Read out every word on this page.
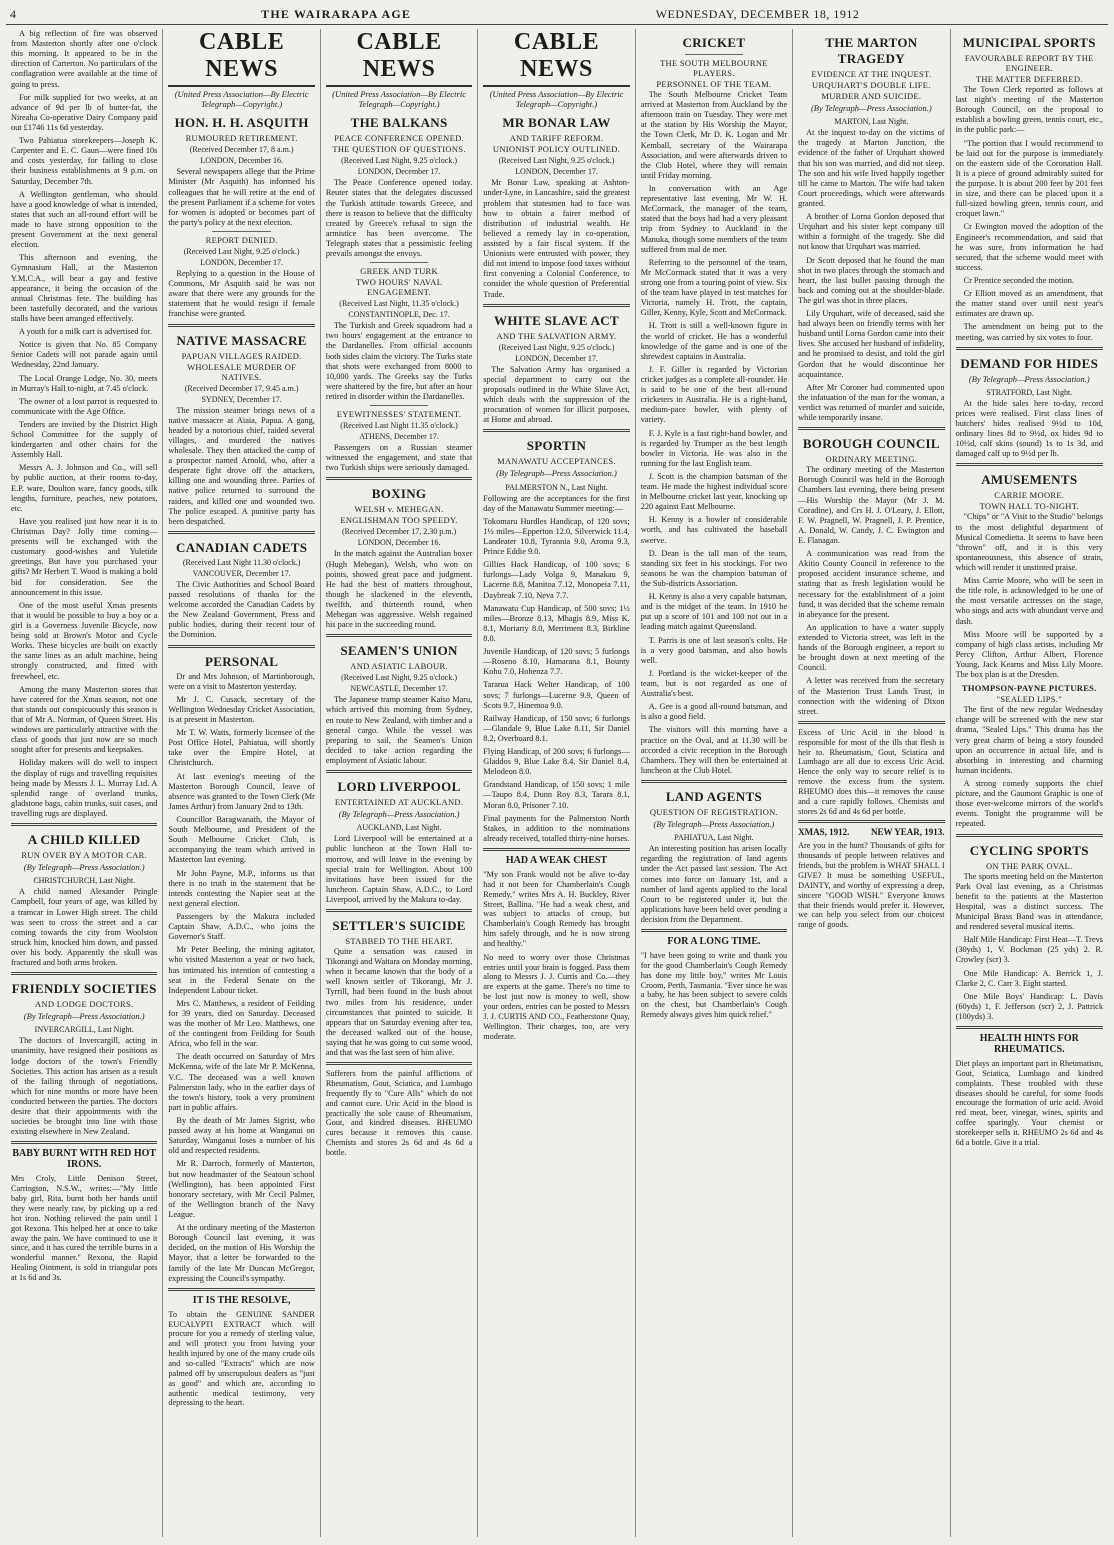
4	THE WAIRARAPA AGE	WEDNESDAY, DECEMBER 18, 1912

A big reflection of fire was observed from Masterton shortly after one o'clock this morning. It appeared to be in the direction of Carterton. No particulars of the conflagration were available at the time of going to press.

For milk supplied for two weeks, at an advance of 9d per lb of butter-fat, the Nireaha Co-operative Dairy Company paid out £1746 11s 6d yesterday.

Two Pahiatua storekeepers—Joseph K. Carpenter and E. C. Gaun—were fined 10s and costs yesterday, for failing to close their business establishments at 9 p.m. on Saturday, December 7th.

A Wellington gentleman, who should have a good knowledge of what is intended, states that such an all-round effort will be made to have strong opposition to the present Government at the next general election.

This afternoon and evening, the Gymnasium Hall, at the Masterton Y.M.C.A., will bear a gay and festive appearance, it being the occasion of the annual Christmas fete. The building has been tastefully decorated, and the various stalls have been arranged effectively.

A youth for a milk cart is advertised for.

Notice is given that No. 85 Company Senior Cadets will not parade again until Wednesday, 22nd January.

The Local Orange Lodge, No. 30, meets in Murray's Hall to-night, at 7.45 o'clock.

The owner of a lost parrot is requested to communicate with the Age Office.

Tenders are invited by the District High School Committee for the supply of kindergarten and other chairs for the Assembly Hall.

Messrs A. J. Johnson and Co., will sell by public auction, at their rooms to-day, E.P. ware, Doulton ware, fancy goods, silk lengths, furniture, peaches, new potatoes, etc.

Have you realised just how near it is to Christmas Day? Jolly time coming—presents will be exchanged with the customary good-wishes and Yuletide greetings. But have you purchased your gifts? Mr Herbert T. Wood is making a bold bid for consideration. See the announcement in this issue.

One of the most useful Xmas presents that it would be possible to buy a boy or a girl is a Governess Juvenile Bicycle, now being sold at Brown's Motor and Cycle Works. These bicycles are built on exactly the same lines as an adult machine, being strongly constructed, and fitted with freewheel, etc.

Among the many Masterton stores that have catered for the Xmas season, not one that stands out conspicuously this season is that of Mr A. Norman, of Queen Street. His windows are particularly attractive with the class of goods that just now are so much sought after for presents and keepsakes.

Holiday makers will do well to inspect the display of rugs and travelling requisites being made by Messrs J. L. Murray Ltd. A splendid range of overland trunks, gladstone bags, cabin trunks, suit cases, and travelling rugs are displayed.

A CHILD KILLED
RUN OVER BY A MOTOR CAR.
(By Telegraph—Press Association.)
CHRISTCHURCH, Last Night.

A child named Alexander Pringle Campbell, four years of age, was killed by a tramcar in Lower High street. The child was seen to cross the street and a car coming towards the city from Woolston struck him, knocked him down, and passed over his body. Apparently the skull was fractured and both arms broken.

FRIENDLY SOCIETIES
AND LODGE DOCTORS.
(By Telegraph—Press Association.)
INVERCARGILL, Last Night.

The doctors of Invercargill, acting in unanimity, have resigned their positions as lodge doctors of the town's Friendly Societies. This action has arisen as a result of the failing through of negotiations, which for nine months or more have been conducted between the parties. The doctors desire that their appointments with the societies be brought into line with those existing elsewhere in New Zealand.

BABY BURNT WITH RED HOT IRONS.
Mrs Croly, Little Denison Street, Carrington, N.S.W., writes:—"My little baby girl, Rita, burnt both her hands until they were nearly raw, by picking up a red hot iron. Nothing relieved the pain until I got Rexona. This helped her at once to take away the pain. We have continued to use it since, and it has cured the terrible burns in a wonderful manner." Rexona, the Rapid Healing Ointment, is sold in triangular pots at 1s 6d and 3s.
CABLE NEWS
(United Press Association—By Electric Telegraph—Copyright.)
HON. H. H. ASQUITH
RUMOURED RETIREMENT.
(Received December 17, 8 a.m.)
LONDON, December 16.

Several newspapers allege that the Prime Minister (Mr Asquith) has informed his colleagues that he will retire at the end of the present Parliament if a scheme for votes for women is adopted or becomes part of the party's policy at the next election.

REPORT DENIED.
(Received Last Night, 9.25 o'clock.)
LONDON, December 17.

Replying to a question in the House of Commons, Mr Asquith said he was not aware that there were any grounds for the statement that he would resign if female franchise were granted.

NATIVE MASSACRE
PAPUAN VILLAGES RAIDED.
WHOLESALE MURDER OF NATIVES.
(Received December 17, 9.45 a.m.)
SYDNEY, December 17.

The mission steamer brings news of a native massacre at Aiaia, Papua. A gang, headed by a notorious chief, raided several villages, and murdered the natives wholesale. They then attacked the camp of a prospector named Arnold, who, after a desperate fight drove off the attackers, killing one and wounding three. Parties of native police returned to surround the raiders, and killed one and wounded two. The police escaped. A punitive party has been despatched.

CANADIAN CADETS
(Received Last Night 11.30 o'clock.)
VANCOUVER, December 17.

The Civic Authorities and School Board passed resolutions of thanks for the welcome accorded the Canadian Cadets by the New Zealand Government, Press and public bodies, during their recent tour of the Dominion.

PERSONAL

Dr and Mrs Johnson, of Martinborough, were on a visit to Masterton yesterday.

Mr J. C. Cusack, secretary of the Wellington Wednesday Cricket Association, is at present in Masterton.

Mr T. W. Watts, formerly licensee of the Post Office Hotel, Pahiatua, will shortly take over the Empire Hotel, at Christchurch.

At last evening's meeting of the Masterton Borough Council, leave of absence was granted to the Town Clerk (Mr James Arthur) from January 2nd to 13th.

Councillor Baragwanath, the Mayor of South Melbourne, and President of the South Melbourne Cricket Club, is accompanying the team which arrived in Masterton last evening.

Mr John Payne, M.P., informs us that there is no truth in the statement that he intends contesting the Napier seat at the next general election.

Passengers by the Makura included Captain Shaw, A.D.C., who joins the Governor's Staff.

Mr Peter Beeling, the mining agitator, who visited Masterton a year or two back, has intimated his intention of contesting a seat in the Federal Senate on the Independent Labour ticket.

Mrs C. Matthews, a resident of Feilding for 39 years, died on Saturday. Deceased was the mother of Mr Leo. Matthews, one of the contingent from Feilding for South Africa, who fell in the war.

The death occurred on Saturday of Mrs McKenna, wife of the late Mr P. McKenna, V.C. The deceased was a well known Palmerston lady, who in the earlier days of the town's history, took a very prominent part in public affairs.

By the death of Mr James Sigrist, who passed away at his home at Wanganui on Saturday, Wanganui loses a number of his old and respected residents.

Mr R. Darroch, formerly of Masterton, but now headmaster of the Seatoun school (Wellington), has been appointed First honorary secretary, with Mr Cecil Palmer, of the Wellington branch of the Navy League.

At the ordinary meeting of the Masterton Borough Council last evening, it was decided, on the motion of His Worship the Mayor, that a letter be forwarded to the family of the late Mr Duncan McGregor, expressing the Council's sympathy.

IT IS THE RESOLVE,
To obtain the GENUINE SANDER EUCALYPTI EXTRACT which will procure for you a remedy of sterling value, and will protect you from having your health injured by one of the many crude oils and so-called "Extracts" which are now palmed off by unscrupulous dealers as "just as good" and which are, according to authentic medical testimony, very depressing to the heart.
CABLE NEWS
(United Press Association—By Electric Telegraph—Copyright.)
THE BALKANS
PEACE CONFERENCE OPENED.
THE QUESTION OF QUESTIONS.
(Received Last Night, 9.25 o'clock.)
LONDON, December 17.

The Peace Conference opened today. Reuter states that the delegates discussed the Turkish attitude towards Greece, and there is reason to believe that the difficulty created by Greece's refusal to sign the armistice has been overcome. The Telegraph states that a pessimistic feeling prevails amongst the envoys.

GREEK AND TURK
TWO HOURS' NAVAL ENGAGEMENT.
(Received Last Night, 11.35 o'clock.)
CONSTANTINOPLE, Dec. 17.

The Turkish and Greek squadrons had a two hours' engagement at the entrance to the Dardanelles. From official accounts both sides claim the victory. The Turks state that shots were exchanged from 8000 to 10,000 yards. The Greeks say the Turks were shattered by the fire, but after an hour retired in disorder within the Dardanelles.

EYEWITNESSES' STATEMENT.
(Received Last Night 11.35 o'clock.)
ATHENS, December 17.

Passengers on a Russian steamer witnessed the engagement, and state that two Turkish ships were seriously damaged.

BOXING
WELSH v. MEHEGAN.
ENGLISHMAN TOO SPEEDY.
(Received December 17, 2.30 p.m.)
LONDON, December 16.

In the match against the Australian boxer (Hugh Mehegan), Welsh, who won on points, showed great pace and judgment. He had the best of matters throughout, though he slackened in the eleventh, twelfth, and thirteenth round, when Mehegan was aggressive. Welsh regained his pace in the succeeding round.

SEAMEN'S UNION
AND ASIATIC LABOUR.
(Received Last Night, 9.25 o'clock.)
NEWCASTLE, December 17.

The Japanese tramp steamer Kaiso Maru, which arrived this morning from Sydney, en route to New Zealand, with timber and a general cargo. While the vessel was preparing to sail, the Seamen's Union decided to take action regarding the employment of Asiatic labour.

LORD LIVERPOOL
ENTERTAINED AT AUCKLAND.
(By Telegraph—Press Association.)
AUCKLAND, Last Night.

Lord Liverpool will be entertained at a public luncheon at the Town Hall to-morrow, and will leave in the evening by special train for Wellington. About 100 invitations have been issued for the luncheon. Captain Shaw, A.D.C., to Lord Liverpool, arrived by the Makura to-day.

SETTLER'S SUICIDE
STABBED TO THE HEART.

Quite a sensation was caused in Tikorangi and Waitara on Monday morning, when it became known that the body of a well known settler of Tikorangi, Mr J. Tyrrill, had been found in the bush about two miles from his residence, under circumstances that pointed to suicide. It appears that on Saturday evening after tea, the deceased walked out of the house, saying that he was going to cut some wood, and that was the last seen of him alive.

Sufferers from the painful afflictions of Rheumatism, Gout, Sciatica, and Lumbago frequently fly to "Cure Alls" which do not and cannot cure. Uric Acid in the blood is practically the sole cause of Rheumatism, Gout, and kindred diseases. RHEUMO cures because it removes this cause. Chemists and stores 2s 6d and 4s 6d a bottle.
CABLE NEWS
(United Press Association—By Electric Telegraph—Copyright.)
MR BONAR LAW
AND TARIFF REFORM.
UNIONIST POLICY OUTLINED.
(Received Last Night, 9.25 o'clock.)
LONDON, December 17.

Mr Bonar Law, speaking at Ashton-under-Lyne, in Lancashire, said the greatest problem that statesmen had to face was how to obtain a fairer method of distribution of industrial wealth. He believed a remedy lay in co-operation, assisted by a fair fiscal system. If the Unionists were entrusted with power, they did not intend to impose food taxes without first convening a Colonial Conference, to consider the whole question of Preferential Trade.

WHITE SLAVE ACT
AND THE SALVATION ARMY.
(Received Last Night, 9.25 o'clock.)
LONDON, December 17.

The Salvation Army has organised a special department to carry out the proposals outlined in the White Slave Act, which deals with the suppression of the procuration of women for illicit purposes, at Home and abroad.

SPORTIN
MANAWATU ACCEPTANCES.
(By Telegraph—Press Association.)
PALMERSTON N., Last Night.

Following are the acceptances for the first day of the Manawatu Summer meeting:—

Tokomaru Hurdles Handicap, of 120 sovs; 1½ miles—Epperton 12.0, Silverwick 11.4, Landeater 10.8, Tyrannia 9.0, Aroma 9.3, Prince Eddie 9.0.

Gillies Hack Handicap, of 100 sovs; 6 furlongs—Lady Volga 9, Manakau 9, Lacerne 8.8, Manitoa 7.12, Monopeia 7.11, Daybreak 7.10, Neva 7.7.

Manawatu Cup Handicap, of 500 sovs; 1½ miles—Bronze 8.13, Mhagis 8.9, Miss K. 8.1, Moriarty 8.0, Merriment 8.3, Birkline 8.0.

Juvenile Handicap, of 120 sovs; 5 furlongs—Roseno 8.10, Hamarana 8.1, Bounty Kohu 7.0, Hohenza 7.7.

Tararua Hack Welter Handicap, of 100 sovs; 7 furlongs—Lucerne 9.9, Queen of Scots 9.7, Hinemoa 9.0.

Railway Handicap, of 150 sovs; 6 furlongs—Glandale 9, Blue Lake 8.11, Sir Daniel 8.2, Overboard 8.1.

Flying Handicap, of 200 sovs; 6 furlongs—Gladdos 9, Blue Lake 8.4, Sir Daniel 8.4, Melodeon 8.0.

Grandstand Handicap, of 150 sovs; 1 mile—Taupo 8.4, Dunn Roy 8.3, Tarara 8.1, Moran 8.0, Prisoner 7.10.

Final payments for the Palmerston North Stakes, in addition to the nominations already received, totalled thirty-nine horses.

HAD A WEAK CHEST
"My son Frank would not be alive to-day had it not been for Chamberlain's Cough Remedy," writes Mrs A. H. Buckley, River Street, Ballina. "He had a weak chest, and was subject to attacks of croup, but Chamberlain's Cough Remedy has brought him safely through, and he is now strong and healthy."
No need to worry over those Christmas entries until your brain is fogged. Pass them along to Messrs J. J. Curtis and Co.—they are experts at the game. There's no time to be lost just now is money to well, show your orders, entries can be posted to Messrs J. J. CURTIS AND CO., Featherstone Quay, Wellington. Their charges, too, are very moderate.
CRICKET
THE SOUTH MELBOURNE PLAYERS.
PERSONNEL OF THE TEAM.

The South Melbourne Cricket Team arrived at Masterton from Auckland by the afternoon train on Tuesday. They were met at the station by His Worship the Mayor, the Town Clerk, Mr D. K. Logan and Mr Kemball, secretary of the Wairarapa Association, and were afterwards driven to the Club Hotel, where they will remain until Friday morning.

In conversation with an Age representative last evening, Mr W. H. McCormack, the manager of the team, stated that the boys had had a very pleasant trip from Sydney to Auckland in the Manuka, though some members of the team suffered from mal de mer.

Referring to the personnel of the team, Mr McCormack stated that it was a very strong one from a touring point of view. Six of the team have played in test matches for Victoria, namely H. Trott, the captain, Giller, Kenny, Kyle, Scott and McCormack.

H. Trott is still a well-known figure in the world of cricket. He has a wonderful knowledge of the game and is one of the shrewdest captains in Australia.

J. F. Giller is regarded by Victorian cricket judges as a complete all-rounder. He is said to be one of the best all-round cricketers in Australia. He is a right-hand, medium-pace bowler, with plenty of variety.

F. J. Kyle is a fast right-hand bowler, and is regarded by Trumper as the best length bowler in Victoria. He was also in the running for the last English team.

J. Scott is the champion batsman of the team. He made the highest individual score in Melbourne cricket last year, knocking up 220 against East Melbourne.

H. Kenny is a bowler of considerable worth, and has cultivated the baseball swerve.

D. Dean is the tall man of the team, standing six feet in his stockings. For two seasons he was the champion batsman of the Sub-districts Association.

H. Kenny is also a very capable batsman, and is the midget of the team. In 1910 he put up a score of 101 and 100 not out in a leading match against Queensland.

T. Parris is one of last season's colts. He is a very good batsman, and also bowls well.

J. Portland is the wicket-keeper of the team, but is not regarded as one of Australia's best.

A. Gee is a good all-round batsman, and is also a good field.

The visitors will this morning have a practice on the Oval, and at 11.30 will be accorded a civic reception in the Borough Chambers. They will then be entertained at luncheon at the Club Hotel.

LAND AGENTS
QUESTION OF REGISTRATION.
(By Telegraph—Press Association.)
PAHIATUA, Last Night.

An interesting position has arisen locally regarding the registration of land agents under the Act passed last session. The Act comes into force on January 1st, and a number of land agents applied to the local Court to be registered under it, but the applications have been held over pending a decision from the Department.

FOR A LONG TIME.
"I have been going to write and thank you for the good Chamberlain's Cough Remedy has done my little boy," writes Mr Louis Croom, Perth, Tasmania. "Ever since he was a baby, he has been subject to severe colds on the chest, but Chamberlain's Cough Remedy always gives him quick relief."
THE MARTON TRAGEDY
EVIDENCE AT THE INQUEST.
URQUHART'S DOUBLE LIFE.
MURDER AND SUICIDE.
(By Telegraph—Press Association.)
MARTON, Last Night.

At the inquest to-day on the victims of the tragedy at Marton Junction, the evidence of the father of Urquhart showed that his son was married, and did not sleep. The son and his wife lived happily together till he came to Marton. The wife had taken Court proceedings, which were afterwards granted.

A brother of Lorna Gordon deposed that Urquhart and his sister kept company till within a fortnight of the tragedy. She did not know that Urquhart was married.

Dr Scott deposed that he found the man shot in two places through the stomach and heart, the last bullet passing through the back and coming out at the shoulder-blade. The girl was shot in three places.

Lily Urquhart, wife of deceased, said she had always been on friendly terms with her husband until Lorna Gordon came into their lives. She accused her husband of infidelity, and he promised to desist, and told the girl Gordon that he would discontinue her acquaintance.

After Mr Coroner had commented upon the infatuation of the man for the woman, a verdict was returned of murder and suicide, while temporarily insane.

BOROUGH COUNCIL
ORDINARY MEETING.

The ordinary meeting of the Masterton Borough Council was held in the Borough Chambers last evening, there being present—His Worship the Mayor (Mr J. M. Coradine), and Crs H. J. O'Leary, J. Ellott, F. W. Pragnell, W. Pragnell, J. P. Prentice, A. Donald, W. Candy, J. C. Ewington and E. Flanagan.

A communication was read from the Akitio County Council in reference to the proposed accident insurance scheme, and stating that as fresh legislation would be necessary for the establishment of a joint fund, it was decided that the scheme remain in abeyance for the present.

An application to have a water supply extended to Victoria street, was left in the hands of the Borough engineer, a report to be brought down at next meeting of the Council.

A letter was received from the secretary of the Masterton Trust Lands Trust, in connection with the widening of Dixon street.

Excess of Uric Acid in the blood is responsible for most of the ills that flesh is heir to. Rheumatism, Gout, Sciatica and Lumbago are all due to excess Uric Acid. Hence the only way to secure relief is to remove the excess from the system. RHEUMO does this—it removes the cause and a cure rapidly follows. Chemists and stores 2s 6d and 4s 6d per bottle.
XMAS, 1912. NEW YEAR, 1913.
Are you in the hunt? Thousands of gifts for thousands of people between relatives and friends, but the problem is WHAT SHALL I GIVE? It must be something USEFUL, DAINTY, and worthy of expressing a deep, sincere "GOOD WISH." Everyone knows that their friends would prefer it. However, we can help you select from our choicest range of goods.
MUNICIPAL SPORTS
FAVOURABLE REPORT BY THE ENGINEER.
THE MATTER DEFERRED.

The Town Clerk reported as follows at last night's meeting of the Masterton Borough Council, on the proposal to establish a bowling green, tennis court, etc., in the public park:—

"The portion that I would recommend to be laid out for the purpose is immediately on the eastern side of the Coronation Hall. It is a piece of ground admirably suited for the purpose. It is about 200 feet by 201 feet in size, and there can be placed upon it a full-sized bowling green, tennis court, and croquet lawn."

Cr Ewington moved the adoption of the Engineer's recommendation, and said that he was sure, from information he had secured, that the scheme would meet with success.

Cr Prentice seconded the motion.

Cr Elliott moved as an amendment, that the matter stand over until next year's estimates are drawn up.

The amendment on being put to the meeting, was carried by six votes to four.

DEMAND FOR HIDES
(By Telegraph—Press Association.)
STRATFORD, Last Night.

At the hide sales here to-day, record prices were realised. First class lines of butchers' hides realised 9½d to 10d, ordinary lines 8d to 9½d, ox hides 9d to 10½d, calf skins (sound) 1s to 1s 3d, and damaged calf up to 9½d per lb.

AMUSEMENTS
CARRIE MOORE.
TOWN HALL TO-NIGHT.

"Chips" or "A Visit to the Studio" belongs to the most delightful department of Musical Comedietta. It seems to have been "thrown" off, and it is this very spontaneousness, this absence of strain, which will render it unstinted praise.

Miss Carrie Moore, who will be seen in the title role, is acknowledged to be one of the most versatile actresses on the stage, who sings and acts with abundant verve and dash.

Miss Moore will be supported by a company of high class artists, including Mr Percy Clifton, Arthur Albert, Florence Young, Jack Kearns and Miss Lily Moore. The box plan is at the Dresden.

THOMPSON-PAYNE PICTURES.
"SEALED LIPS."

The first of the new regular Wednesday change will be screened with the new star drama, "Sealed Lips." This drama has the very great charm of being a story founded upon an occurrence in actual life, and is absorbing in interesting and charming human incidents.

A strong comedy supports the chief picture, and the Gaumont Graphic is one of those ever-welcome mirrors of the world's events. Tonight the programme will be repeated.

CYCLING SPORTS
ON THE PARK OVAL.

The sports meeting held on the Masterton Park Oval last evening, as a Christmas benefit to the patients at the Masterton Hospital, was a distinct success. The Municipal Brass Band was in attendance, and rendered several musical items.

Half Mile Handicap: First Heat—T. Trevs (30yds) 1, V. Bockman (25 yds) 2. R. Crowley (scr) 3.

One Mile Handicap: A. Berrick 1, J. Clarke 2, C. Carr 3. Eight started.

One Mile Boys' Handicap: L. Davis (60yds) 1, F. Jefferson (scr) 2, J. Pattrick (100yds) 3.

HEALTH HINTS FOR RHEUMATICS.
Diet plays an important part in Rheumatism, Gout, Sciatica, Lumbago and kindred complaints. These troubled with these diseases should be careful, for some foods encourage the formation of uric acid. Avoid red meat, beer, vinegar, wines, spirits and coffee sparingly. Your chemist or storekeeper sells it. RHEUMO 2s 6d and 4s 6d a bottle. Give it a trial.
